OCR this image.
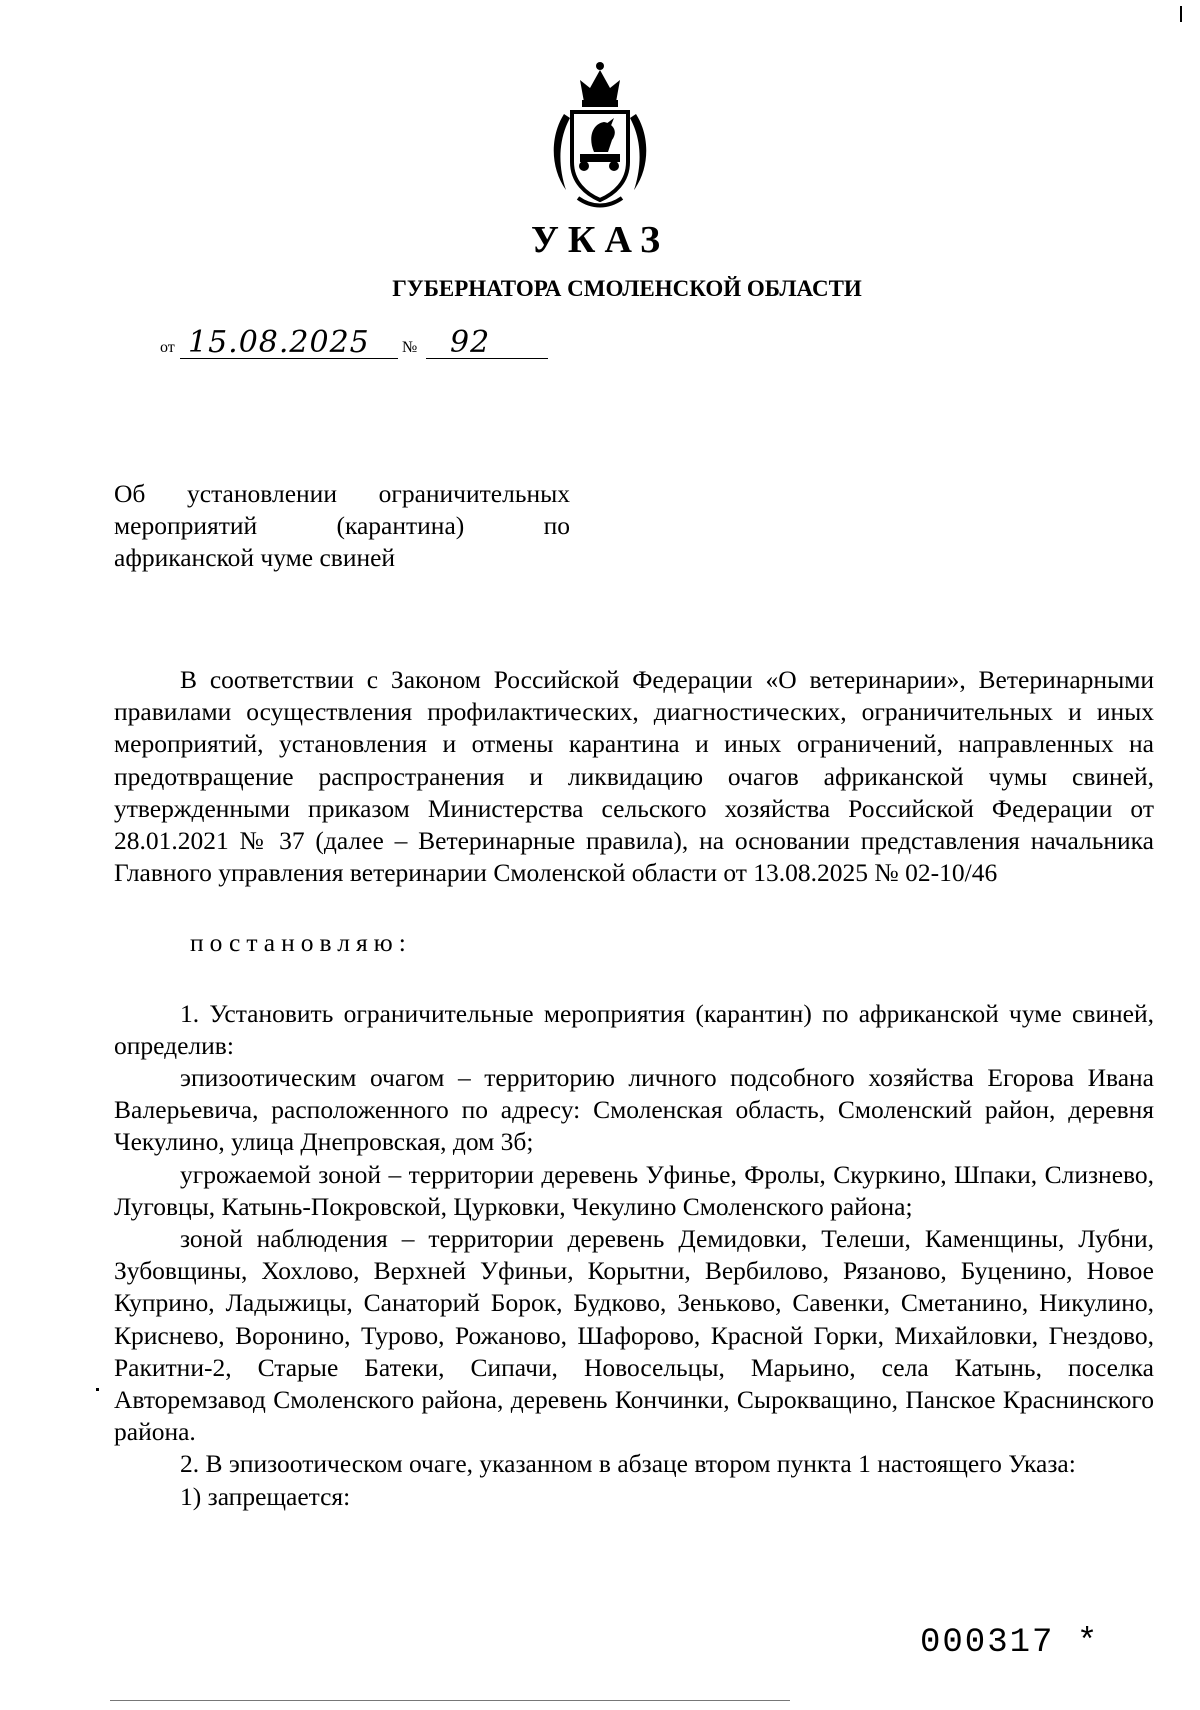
УКАЗ
ГУБЕРНАТОРА СМОЛЕНСКОЙ ОБЛАСТИ
от 15.08.2025 № 92
Об установлении ограничительных мероприятий (карантина) по африканской чуме свиней

В соответствии с Законом Российской Федерации «О ветеринарии», Ветеринарными правилами осуществления профилактических, диагностических, ограничительных и иных мероприятий, установления и отмены карантина и иных ограничений, направленных на предотвращение распространения и ликвидацию очагов африканской чумы свиней, утвержденными приказом Министерства сельского хозяйства Российской Федерации от 28.01.2021 № 37 (далее – Ветеринарные правила), на основании представления начальника Главного управления ветеринарии Смоленской области от 13.08.2025 № 02-10/46

постановляю:

1. Установить ограничительные мероприятия (карантин) по африканской чуме свиней, определив:

эпизоотическим очагом – территорию личного подсобного хозяйства Егорова Ивана Валерьевича, расположенного по адресу: Смоленская область, Смоленский район, деревня Чекулино, улица Днепровская, дом 3б;

угрожаемой зоной – территории деревень Уфинье, Фролы, Скуркино, Шпаки, Слизнево, Луговцы, Катынь-Покровской, Цурковки, Чекулино Смоленского района;

зоной наблюдения – территории деревень Демидовки, Телеши, Каменщины, Лубни, Зубовщины, Хохлово, Верхней Уфиньи, Корытни, Вербилово, Рязаново, Буценино, Новое Куприно, Ладыжицы, Санаторий Борок, Будково, Зеньково, Савенки, Сметанино, Никулино, Криснево, Воронино, Турово, Рожаново, Шафорово, Красной Горки, Михайловки, Гнездово, Ракитни-2, Старые Батеки, Сипачи, Новосельцы, Марьино, села Катынь, поселка Авторемзавод Смоленского района, деревень Кончинки, Сырокващино, Панское Краснинского района.

2. В эпизоотическом очаге, указанном в абзаце втором пункта 1 настоящего Указа:

1) запрещается:

000317 *
